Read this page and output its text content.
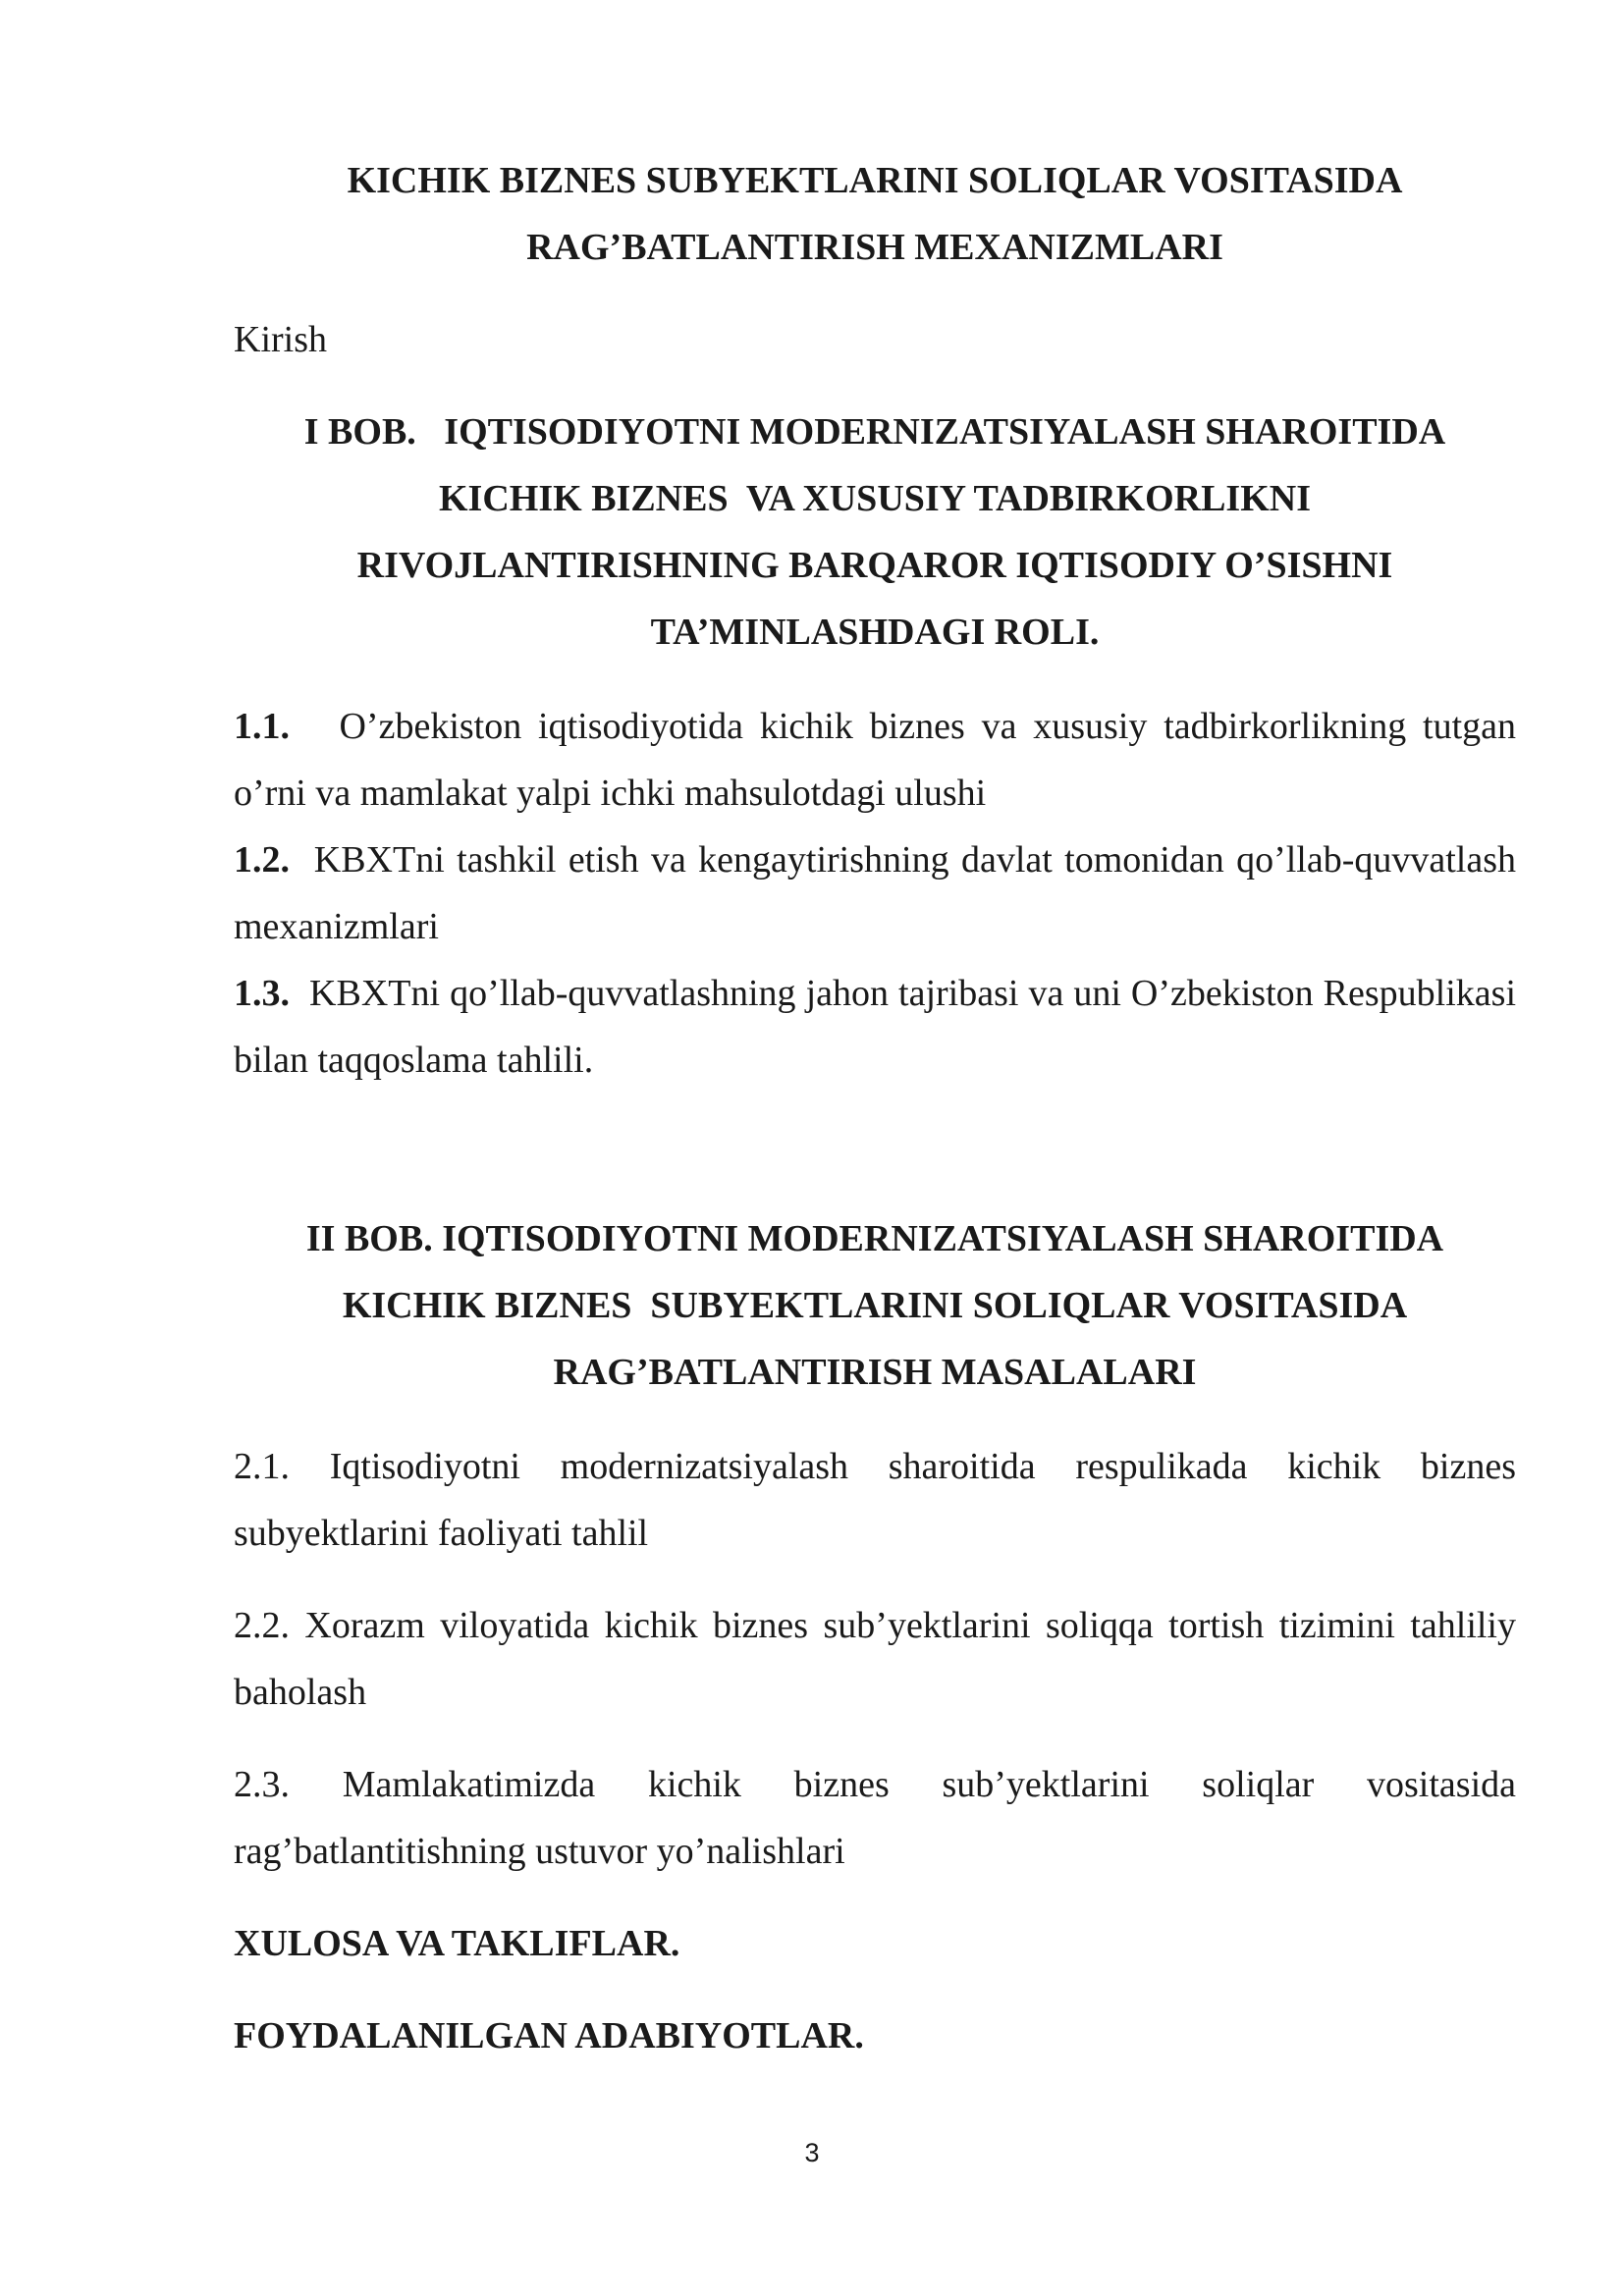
KICHIK BIZNES SUBYEKTLARINI SOLIQLAR VOSITASIDA
RAG’BATLANTIRISH MEXANIZMLARI

Kirish

I BOB.   IQTISODIYOTNI MODERNIZATSIYALASH SHAROITIDA
KICHIK BIZNES  VA XUSUSIY TADBIRKORLIKNI
RIVOJLANTIRISHNING BARQAROR IQTISODIY O’SISHNI
TA’MINLASHDAGI ROLI.

1.1. O’zbekiston iqtisodiyotida kichik biznes va xususiy tadbirkorlikning tutgan o’rni va mamlakat yalpi ichki mahsulotdagi ulushi

1.2. KBXTni tashkil etish va kengaytirishning davlat tomonidan qo’llab-quvvatlash mexanizmlari

1.3. KBXTni qo’llab-quvvatlashning jahon tajribasi va uni O’zbekiston Respublikasi bilan taqqoslama tahlili.

II BOB. IQTISODIYOTNI MODERNIZATSIYALASH SHAROITIDA
KICHIK BIZNES  SUBYEKTLARINI SOLIQLAR VOSITASIDA
RAG’BATLANTIRISH MASALALARI

2.1. Iqtisodiyotni modernizatsiyalash sharoitida respulikada kichik biznes subyektlarini faoliyati tahlil

2.2. Xorazm viloyatida kichik biznes sub’yektlarini soliqqa tortish tizimini tahliliy baholash

2.3. Mamlakatimizda kichik biznes sub’yektlarini soliqlar vositasida rag’batlantitishning ustuvor yo’nalishlari

XULOSA VA TAKLIFLAR.

FOYDALANILGAN ADABIYOTLAR.

3
